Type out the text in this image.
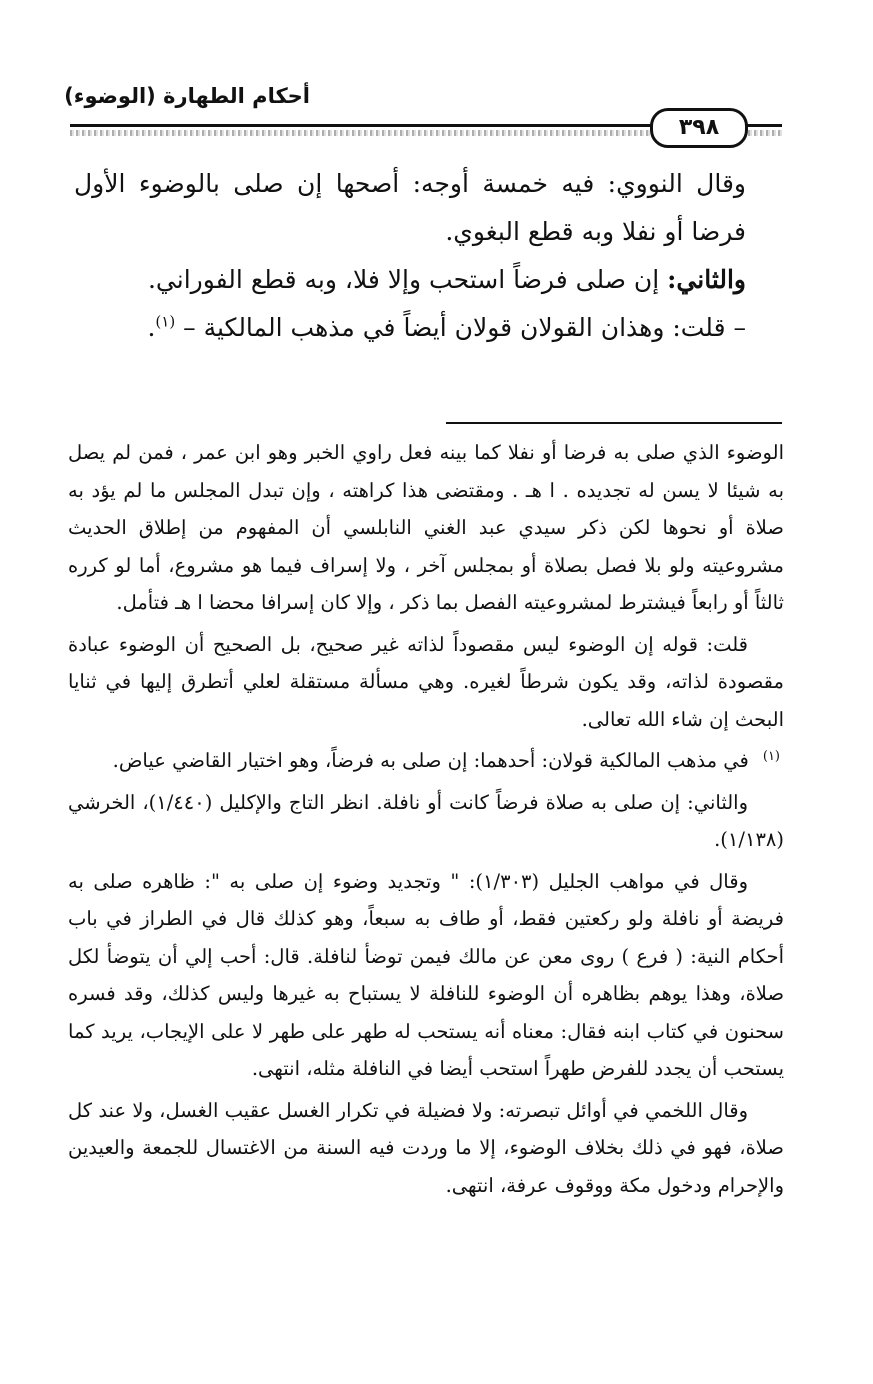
أحكام الطهارة (الوضوء)
٣٩٨

وقال النووي: فيه خمسة أوجه: أصحها إن صلى بالوضوء الأول فرضا أو نفلا وبه قطع البغوي.

والثاني: إن صلى فرضاً استحب وإلا فلا، وبه قطع الفوراني.

– قلت: وهذان القولان قولان أيضاً في مذهب المالكية – $^{(١)}$.

الوضوء الذي صلى به فرضا أو نفلا كما بينه فعل راوي الخبر وهو ابن عمر ، فمن لم يصل به شيئا لا يسن له تجديده . ا هـ . ومقتضى هذا كراهته ، وإن تبدل المجلس ما لم يؤد به صلاة أو نحوها لكن ذكر سيدي عبد الغني النابلسي أن المفهوم من إطلاق الحديث مشروعيته ولو بلا فصل بصلاة أو بمجلس آخر ، ولا إسراف فيما هو مشروع، أما لو كرره ثالثاً أو رابعاً فيشترط لمشروعيته الفصل بما ذكر ، وإلا كان إسرافا محضا ا هـ فتأمل.

قلت: قوله إن الوضوء ليس مقصوداً لذاته غير صحيح، بل الصحيح أن الوضوء عبادة مقصودة لذاته، وقد يكون شرطاً لغيره. وهي مسألة مستقلة لعلي أتطرق إليها في ثنايا البحث إن شاء الله تعالى.

$^{(١)}$في مذهب المالكية قولان: أحدهما: إن صلى به فرضاً، وهو اختيار القاضي عياض.

والثاني: إن صلى به صلاة فرضاً كانت أو نافلة. انظر التاج والإكليل (١/٤٤٠)، الخرشي (١/١٣٨).

وقال في مواهب الجليل (١/٣٠٣): " وتجديد وضوء إن صلى به ": ظاهره صلى به فريضة أو نافلة ولو ركعتين فقط، أو طاف به سبعاً، وهو كذلك قال في الطراز في باب أحكام النية: ( فرع ) روى معن عن مالك فيمن توضأ لنافلة. قال: أحب إلي أن يتوضأ لكل صلاة، وهذا يوهم بظاهره أن الوضوء للنافلة لا يستباح به غيرها وليس كذلك، وقد فسره سحنون في كتاب ابنه فقال: معناه أنه يستحب له طهر على طهر لا على الإيجاب، يريد كما يستحب أن يجدد للفرض طهراً استحب أيضا في النافلة مثله، انتهى.

وقال اللخمي في أوائل تبصرته: ولا فضيلة في تكرار الغسل عقيب الغسل، ولا عند كل صلاة، فهو في ذلك بخلاف الوضوء، إلا ما وردت فيه السنة من الاغتسال للجمعة والعيدين والإحرام ودخول مكة ووقوف عرفة، انتهى.
